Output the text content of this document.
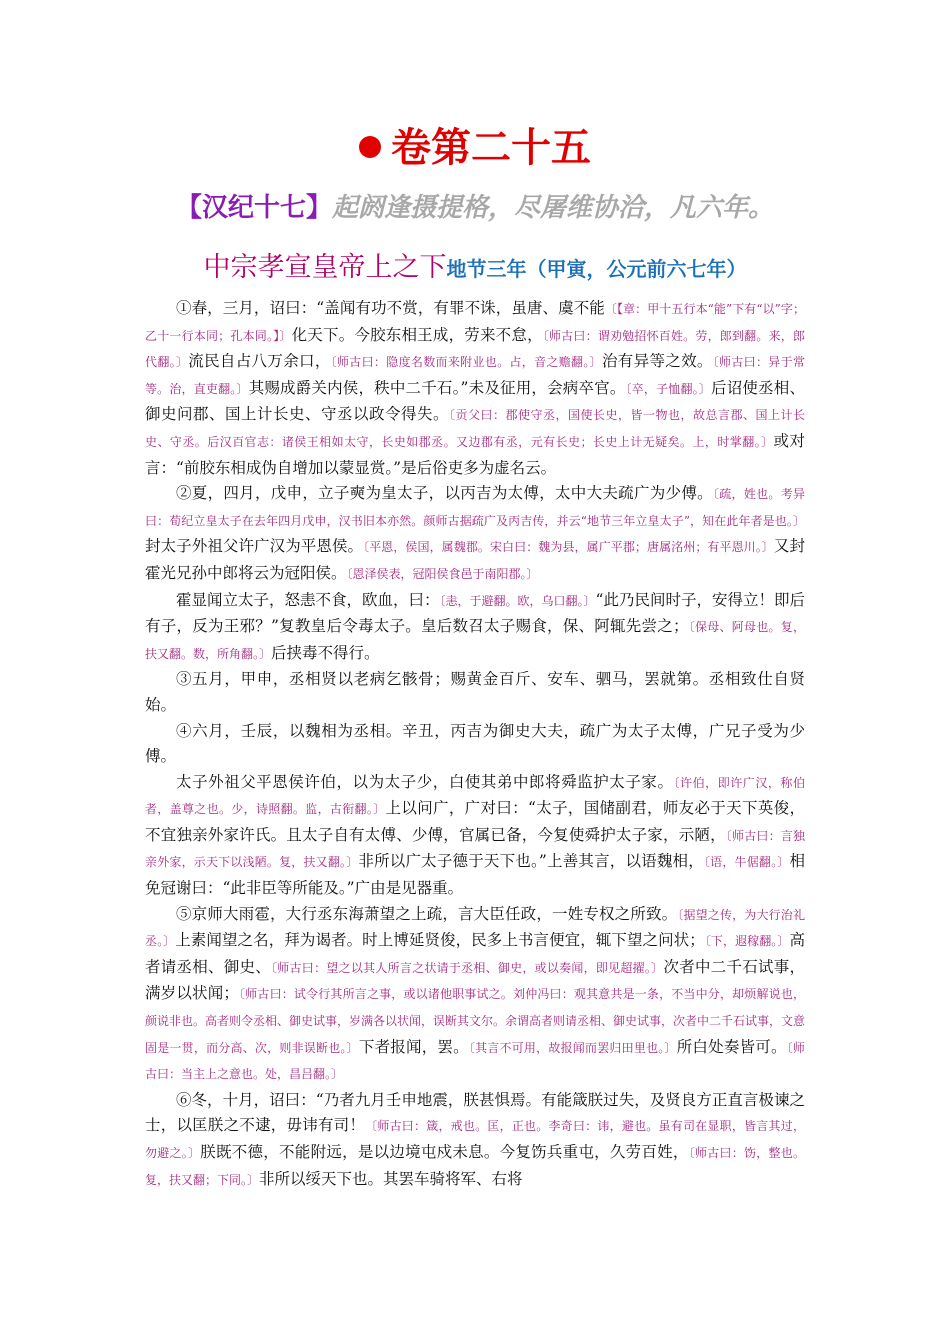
卷第二十五
【汉纪十七】起阏逢摄提格，尽屠维协洽，凡六年。
中宗孝宣皇帝上之下地节三年（甲寅，公元前六七年）

①春，三月，诏曰：“盖闻有功不赏，有罪不诛，虽唐、虞不能〔【章：甲十五行本“能”下有“以”字；乙十一行本同；孔本同。】〕化天下。今胶东相王成，劳来不怠，〔师古曰：谓劝勉招怀百姓。劳，郎到翻。来，郎代翻。〕流民自占八万余口，〔师古曰：隐度名数而来附业也。占，音之赡翻。〕治有异等之效。〔师古曰：异于常等。治，直吏翻。〕其赐成爵关内侯，秩中二千石。”未及征用，会病卒官。〔卒，子恤翻。〕后诏使丞相、御史问郡、国上计长史、守丞以政令得失。〔贡父曰：郡使守丞，国使长史，皆一物也，故总言郡、国上计长史、守丞。后汉百官志：诸侯王相如太守，长史如郡丞。又边郡有丞，元有长史；长史上计无疑矣。上，时掌翻。〕或对言：“前胶东相成伪自增加以蒙显赏。”是后俗吏多为虚名云。

②夏，四月，戊申，立子奭为皇太子，以丙吉为太傅，太中大夫疏广为少傅。〔疏，姓也。考异曰：荀纪立皇太子在去年四月戊申，汉书旧本亦然。颜师古据疏广及丙吉传，并云“地节三年立皇太子”，知在此年者是也。〕封太子外祖父许广汉为平恩侯。〔平恩，侯国，属魏郡。宋白曰：魏为县，属广平郡；唐属洺州；有平恩川。〕又封霍光兄孙中郎将云为冠阳侯。〔恩泽侯表，冠阳侯食邑于南阳郡。〕

霍显闻立太子，怒恚不食，欧血，曰：〔恚，于避翻。欧，乌口翻。〕“此乃民间时子，安得立！即后有子，反为王邪？”复教皇后令毒太子。皇后数召太子赐食，保、阿辄先尝之；〔保母、阿母也。复，扶又翻。数，所角翻。〕后挟毒不得行。

③五月，甲申，丞相贤以老病乞骸骨；赐黄金百斤、安车、驷马，罢就第。丞相致仕自贤始。

④六月，壬辰，以魏相为丞相。辛丑，丙吉为御史大夫，疏广为太子太傅，广兄子受为少傅。

太子外祖父平恩侯许伯，以为太子少，白使其弟中郎将舜监护太子家。〔许伯，即许广汉，称伯者，盖尊之也。少，诗照翻。监，古衔翻。〕上以问广，广对曰：“太子，国储副君，师友必于天下英俊，不宜独亲外家许氏。且太子自有太傅、少傅，官属已备，今复使舜护太子家，示陋，〔师古曰：言独亲外家，示天下以浅陋。复，扶又翻。〕非所以广太子德于天下也。”上善其言，以语魏相，〔语，牛倨翻。〕相免冠谢曰：“此非臣等所能及。”广由是见器重。

⑤京师大雨雹，大行丞东海萧望之上疏，言大臣任政，一姓专权之所致。〔据望之传，为大行治礼丞。〕上素闻望之名，拜为谒者。时上博延贤俊，民多上书言便宜，辄下望之问状；〔下，遐稼翻。〕高者请丞相、御史、〔师古曰：望之以其人所言之状请于丞相、御史，或以奏闻，即见超擢。〕次者中二千石试事，满岁以状闻；〔师古曰：试令行其所言之事，或以诸他职事试之。刘仲冯曰：观其意共是一条，不当中分，却烦解说也，颜说非也。高者则令丞相、御史试事，岁满各以状闻，误断其文尔。余谓高者则请丞相、御史试事，次者中二千石试事，文意固是一贯，而分高、次，则非误断也。〕下者报闻，罢。〔其言不可用，故报闻而罢归田里也。〕所白处奏皆可。〔师古曰：当主上之意也。处，昌吕翻。〕

⑥冬，十月，诏曰：“乃者九月壬申地震，朕甚惧焉。有能箴朕过失，及贤良方正直言极谏之士，以匡朕之不逮，毋讳有司！〔师古曰：箴，戒也。匡，正也。李奇曰：讳，避也。虽有司在显职，皆言其过，勿避之。〕朕既不德，不能附远，是以边境屯戍未息。今复饬兵重屯，久劳百姓，〔师古曰：饬，整也。复，扶又翻；下同。〕非所以绥天下也。其罢车骑将军、右将
